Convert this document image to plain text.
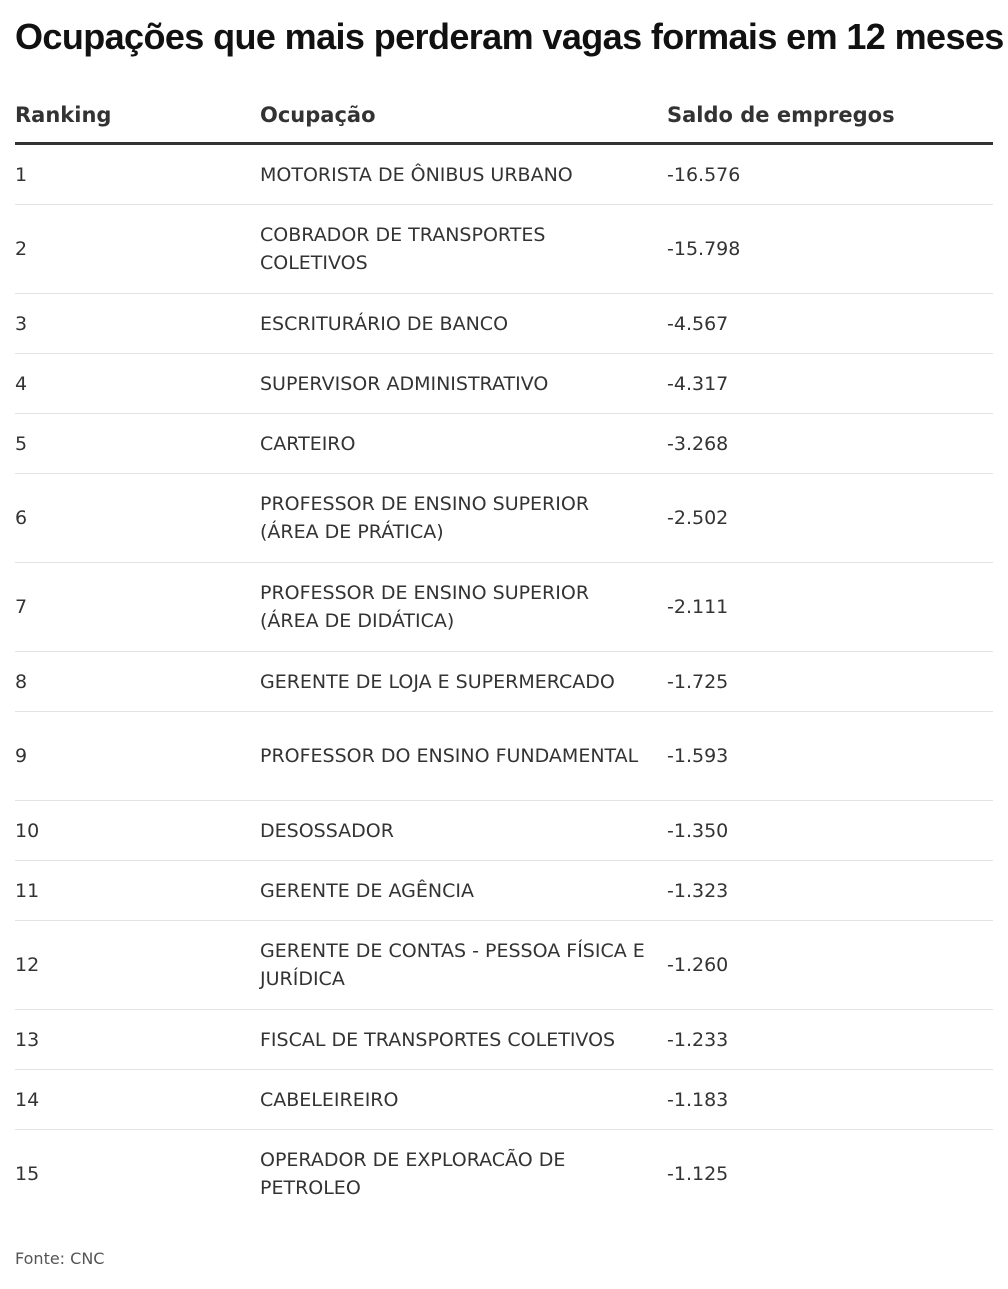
Ocupações que mais perderam vagas formais em 12 meses
Ranking	Ocupação	Saldo de empregos
1	MOTORISTA DE ÔNIBUS URBANO	-16.576
2	COBRADOR DE TRANSPORTES COLETIVOS	-15.798
3	ESCRITURÁRIO DE BANCO	-4.567
4	SUPERVISOR ADMINISTRATIVO	-4.317
5	CARTEIRO	-3.268
6	PROFESSOR DE ENSINO SUPERIOR (ÁREA DE PRÁTICA)	-2.502
7	PROFESSOR DE ENSINO SUPERIOR (ÁREA DE DIDÁTICA)	-2.111
8	GERENTE DE LOJA E SUPERMERCADO	-1.725
9	PROFESSOR DO ENSINO FUNDAMENTAL	-1.593
10	DESOSSADOR	-1.350
11	GERENTE DE AGÊNCIA	-1.323
12	GERENTE DE CONTAS - PESSOA FÍSICA E JURÍDICA	-1.260
13	FISCAL DE TRANSPORTES COLETIVOS	-1.233
14	CABELEIREIRO	-1.183
15	OPERADOR DE EXPLORACÃO DE PETROLEO	-1.125
Fonte: CNC
